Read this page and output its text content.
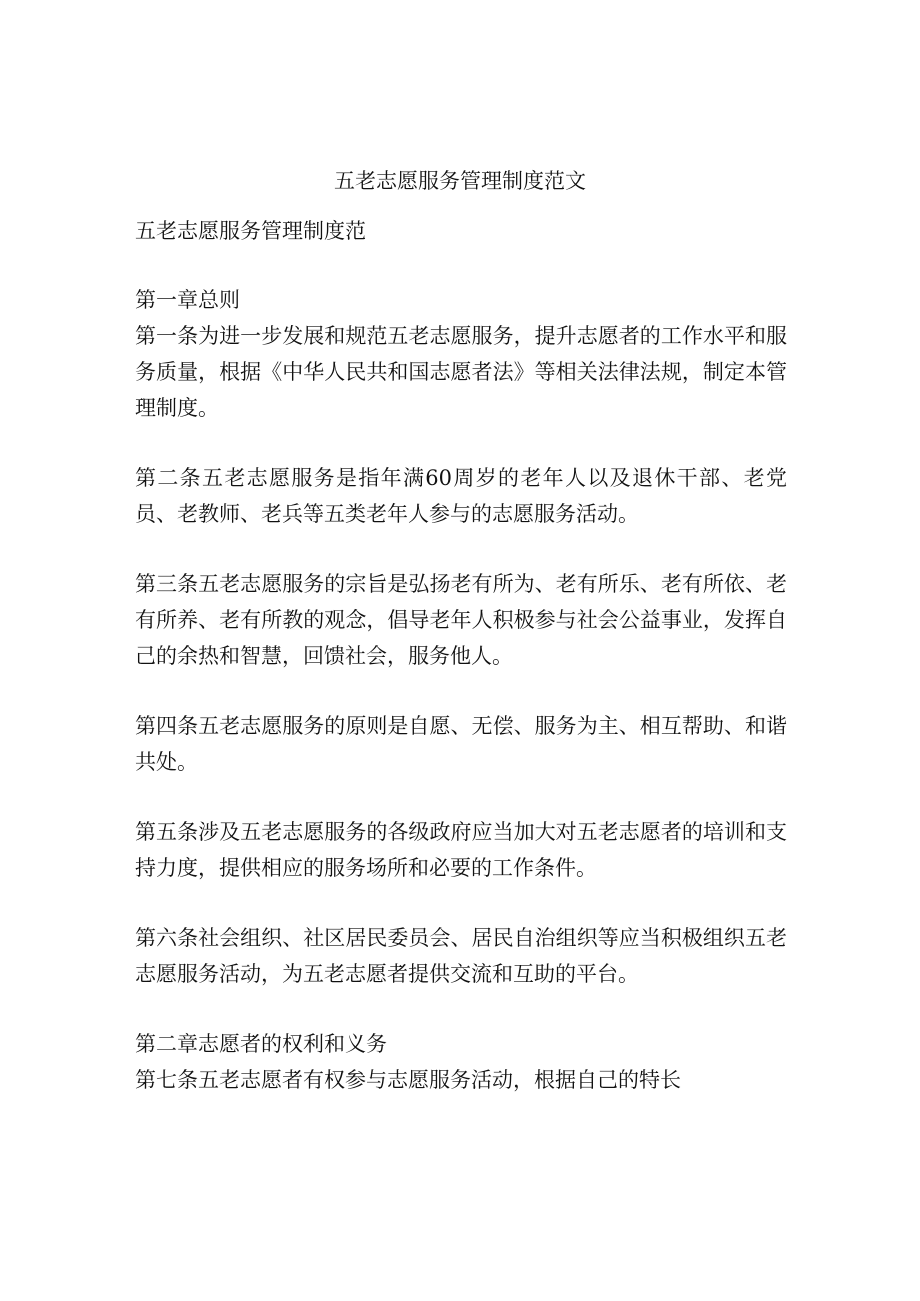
五老志愿服务管理制度范文

五老志愿服务管理制度范

第一章总则

第一条为进一步发展和规范五老志愿服务，提升志愿者的工作水平和服务质量，根据《中华人民共和国志愿者法》等相关法律法规，制定本管理制度。

第二条五老志愿服务是指年满60周岁的老年人以及退休干部、老党员、老教师、老兵等五类老年人参与的志愿服务活动。

第三条五老志愿服务的宗旨是弘扬老有所为、老有所乐、老有所依、老有所养、老有所教的观念，倡导老年人积极参与社会公益事业，发挥自己的余热和智慧，回馈社会，服务他人。

第四条五老志愿服务的原则是自愿、无偿、服务为主、相互帮助、和谐共处。

第五条涉及五老志愿服务的各级政府应当加大对五老志愿者的培训和支持力度，提供相应的服务场所和必要的工作条件。

第六条社会组织、社区居民委员会、居民自治组织等应当积极组织五老志愿服务活动，为五老志愿者提供交流和互助的平台。

第二章志愿者的权利和义务

第七条五老志愿者有权参与志愿服务活动，根据自己的特长
